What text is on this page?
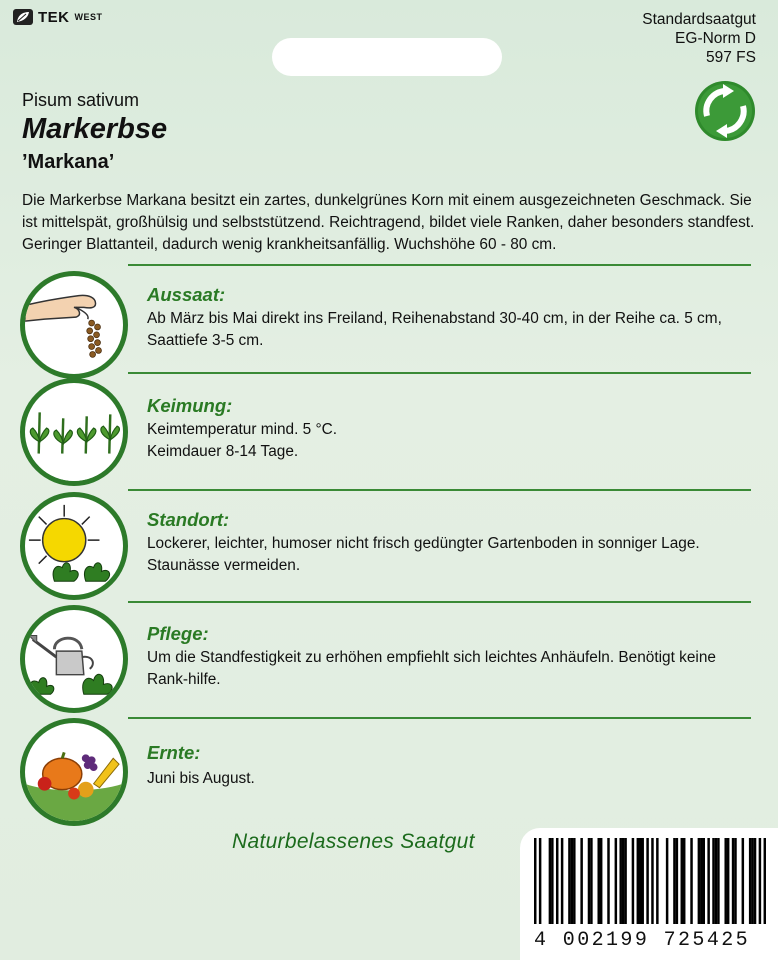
TEK WEST	Standardsaatgut
EG-Norm D
597 FS
Pisum sativum
Markerbse
’Markana’
Die Markerbse Markana besitzt ein zartes, dunkelgrünes Korn mit einem ausgezeichneten Geschmack. Sie ist mittelspät, großhülsig und selbststützend. Reichtragend, bildet viele Ranken, daher besonders standfest. Geringer Blattanteil, dadurch wenig krankheitsanfällig. Wuchshöhe 60 - 80 cm.
Aussaat:
Ab März bis Mai direkt ins Freiland, Reihenabstand 30-40 cm, in der Reihe ca. 5 cm, Saattiefe 3-5 cm.
Keimung:
Keimtemperatur mind. 5 °C.
Keimdauer 8-14 Tage.
Standort:
Lockerer, leichter, humoser nicht frisch gedüngter Gartenboden in sonniger Lage. Staunässe vermeiden.
Pflege:
Um die Standfestigkeit zu erhöhen empfiehlt sich leichtes Anhäufeln. Benötigt keine Rank-hilfe.
Ernte:
Juni bis August.
Naturbelassenes Saatgut
4 002199 725425
